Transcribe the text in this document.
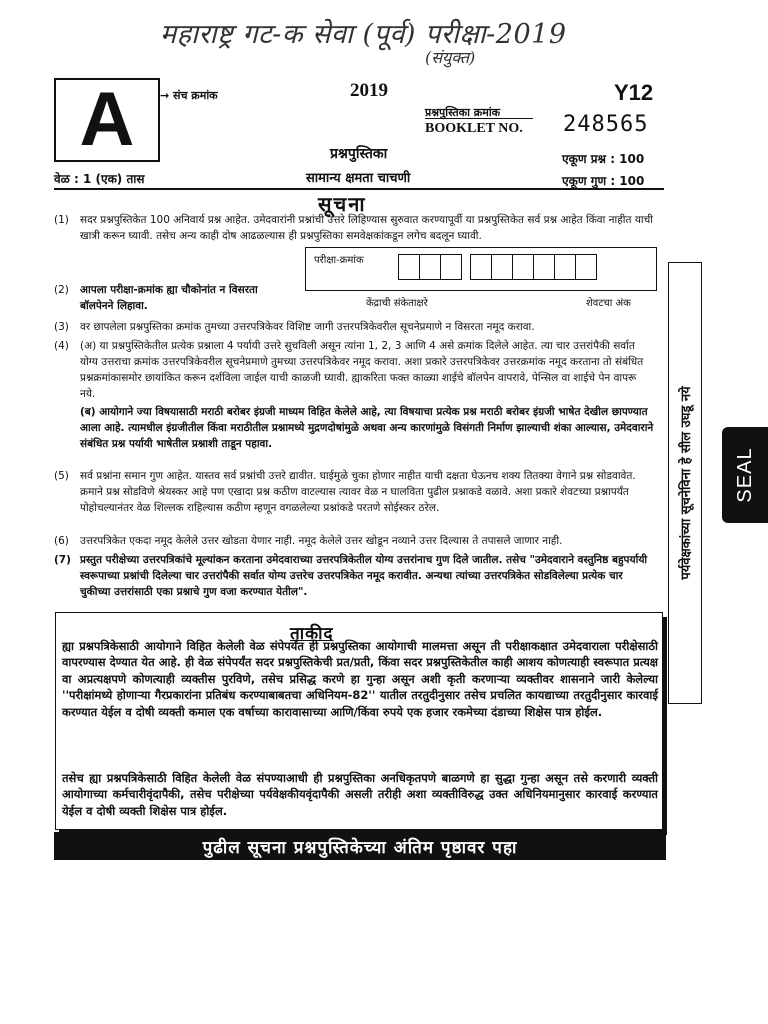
महाराष्ट्र गट-क सेवा (पूर्व) परीक्षा-2019
(संयुक्त)
A	→ संच क्रमांक	2019	Y12
प्रश्नपुस्तिका क्रमांक
BOOKLET NO.	248565
प्रश्नपुस्तिका
सामान्य क्षमता चाचणी
एकूण प्रश्न : 100
एकूण गुण : 100
वेळ : 1 (एक) तास
सूचना
(1)	सदर प्रश्नपुस्तिकेत 100 अनिवार्य प्रश्न आहेत. उमेदवारांनी प्रश्नांची उत्तरे लिहिण्यास सुरुवात करण्यापूर्वी या प्रश्नपुस्तिकेत सर्व प्रश्न आहेत किंवा नाहीत याची खात्री करून घ्यावी. तसेच अन्य काही दोष आढळल्यास ही प्रश्नपुस्तिका समवेक्षकांकडून लगेच बदलून घ्यावी.
(2)	आपला परीक्षा-क्रमांक ह्या चौकोनांत न विसरता बॉलपेनने लिहावा.
परीक्षा-क्रमांक
केंद्राची संकेताक्षरे	शेवटचा अंक
(3)	वर छापलेला प्रश्नपुस्तिका क्रमांक तुमच्या उत्तरपत्रिकेवर विशिष्ट जागी उत्तरपत्रिकेवरील सूचनेप्रमाणे न विसरता नमूद करावा.
(4)	(अ) या प्रश्नपुस्तिकेतील प्रत्येक प्रश्नाला 4 पर्यायी उत्तरे सुचविली असून त्यांना 1, 2, 3 आणि 4 असे क्रमांक दिलेले आहेत. त्या चार उत्तरांपैकी सर्वात योग्य उत्तराचा क्रमांक उत्तरपत्रिकेवरील सूचनेप्रमाणे तुमच्या उत्तरपत्रिकेवर नमूद करावा. अशा प्रकारे उत्तरपत्रिकेवर उत्तरक्रमांक नमूद करताना तो संबंधित प्रश्नक्रमांकासमोर छायांकित करून दर्शविला जाईल याची काळजी घ्यावी. ह्याकरिता फक्त काळ्या शाईचे बॉलपेन वापरावे, पेन्सिल वा शाईचे पेन वापरू नये.
(ब) आयोगाने ज्या विषयासाठी मराठी बरोबर इंग्रजी माध्यम विहित केलेले आहे, त्या विषयाचा प्रत्येक प्रश्न मराठी बरोबर इंग्रजी भाषेत देखील छापण्यात आला आहे. त्यामधील इंग्रजीतील किंवा मराठीतील प्रश्नामध्ये मुद्रणदोषांमुळे अथवा अन्य कारणांमुळे विसंगती निर्माण झाल्याची शंका आल्यास, उमेदवाराने संबंधित प्रश्न पर्यायी भाषेतील प्रश्नाशी ताडून पहावा.
(5)	सर्व प्रश्नांना समान गुण आहेत. यास्तव सर्व प्रश्नांची उत्तरे द्यावीत. घाईमुळे चुका होणार नाहीत याची दक्षता घेऊनच शक्य तितक्या वेगाने प्रश्न सोडवावेत. क्रमाने प्रश्न सोडविणे श्रेयस्कर आहे पण एखादा प्रश्न कठीण वाटल्यास त्यावर वेळ न घालविता पुढील प्रश्नाकडे वळावे. अशा प्रकारे शेवटच्या प्रश्नापर्यंत पोहोचल्यानंतर वेळ शिल्लक राहिल्यास कठीण म्हणून वगळलेल्या प्रश्नांकडे परतणे सोईस्कर ठरेल.
(6)	उत्तरपत्रिकेत एकदा नमूद केलेले उत्तर खोडता येणार नाही. नमूद केलेले उत्तर खोडून नव्याने उत्तर दिल्यास ते तपासले जाणार नाही.
(7) प्रस्तुत परीक्षेच्या उत्तरपत्रिकांचे मूल्यांकन करताना उमेदवाराच्या उत्तरपत्रिकेतील योग्य उत्तरांनाच गुण दिले जातील. तसेच "उमेदवाराने वस्तुनिष्ठ बहुपर्यायी स्वरूपाच्या प्रश्नांची दिलेल्या चार उत्तरांपैकी सर्वात योग्य उत्तरेच उत्तरपत्रिकेत नमूद करावीत. अन्यथा त्यांच्या उत्तरपत्रिकेत सोडविलेल्या प्रत्येक चार चुकीच्या उत्तरांसाठी एका प्रश्नाचे गुण वजा करण्यात येतील".
ताकीद
ह्या प्रश्नपत्रिकेसाठी आयोगाने विहित केलेली वेळ संपेपर्यंत ही प्रश्नपुस्तिका आयोगाची मालमत्ता असून ती परीक्षाकक्षात उमेदवाराला परीक्षेसाठी वापरण्यास देण्यात येत आहे. ही वेळ संपेपर्यंत सदर प्रश्नपुस्तिकेची प्रत/प्रती, किंवा सदर प्रश्नपुस्तिकेतील काही आशय कोणत्याही स्वरूपात प्रत्यक्ष वा अप्रत्यक्षपणे कोणत्याही व्यक्तीस पुरविणे, तसेच प्रसिद्ध करणे हा गुन्हा असून अशी कृती करणाऱ्या व्यक्तीवर शासनाने जारी केलेल्या ''परीक्षांमध्ये होणाऱ्या गैरप्रकारांना प्रतिबंध करण्याबाबतचा अधिनियम-82'' यातील तरतुदीनुसार तसेच प्रचलित कायद्याच्या तरतुदीनुसार कारवाई करण्यात येईल व दोषी व्यक्ती कमाल एक वर्षाच्या कारावासाच्या आणि/किंवा रुपये एक हजार रकमेच्या दंडाच्या शिक्षेस पात्र होईल.
तसेच ह्या प्रश्नपत्रिकेसाठी विहित केलेली वेळ संपण्याआधी ही प्रश्नपुस्तिका अनधिकृतपणे बाळगणे हा सुद्धा गुन्हा असून तसे करणारी व्यक्ती आयोगाच्या कर्मचारीवृंदापैकी, तसेच परीक्षेच्या पर्यवेक्षकीयवृंदापैकी असली तरीही अशा व्यक्तीविरुद्ध उक्त अधिनियमानुसार कारवाई करण्यात येईल व दोषी व्यक्ती शिक्षेस पात्र होईल.
पुढील सूचना प्रश्नपुस्तिकेच्या अंतिम पृष्ठावर पहा
पर्यवेक्षकांच्या सूचनेविना हे सील उघडू नये	SEAL
